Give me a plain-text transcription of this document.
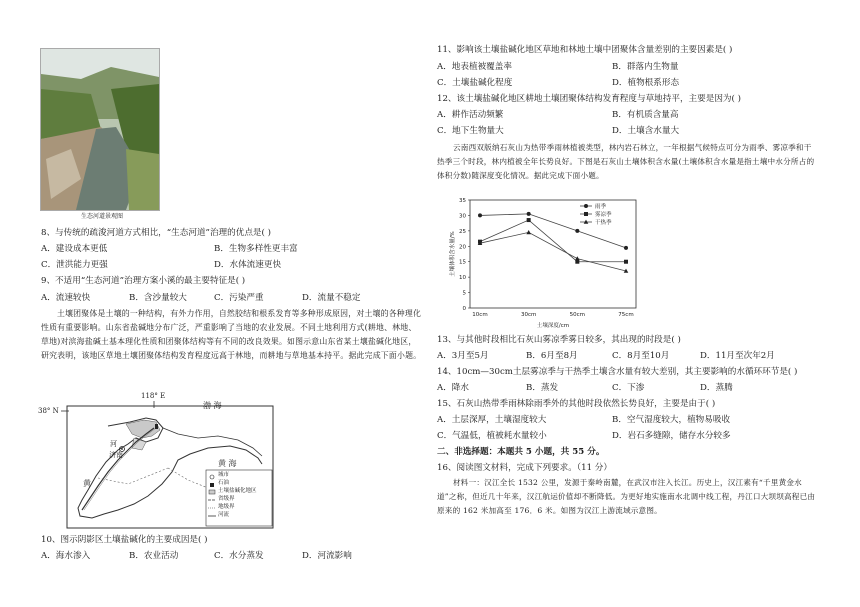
生态河道景观图
8、与传统的疏浚河道方式相比，“生态河道”治理的优点是( )
A．建设成本更低	B．生物多样性更丰富
C．泄洪能力更强	D．水体流速更快
9、不适用“生态河道”治理方案小溪的最主要特征是( )
A．流速较快	B．含沙量较大	C．污染严重	D．流量不稳定
土壤团聚体是土壤的一种结构，有外力作用，自然胶结和根系发育等多种形成原因，对土壤的各种理化性质有重要影响。山东省盐碱地分布广泛，严重影响了当地的农业发展。不同土地利用方式(耕地、林地、草地)对滨海盐碱土基本理化性质和团聚体结构等有不同的改良效果。如图示意山东省某土壤盐碱化地区，研究表明，该地区草地土壤团聚体结构发育程度远高于林地，而耕地与草地基本持平。据此完成下面小题。
118° E
38° N
渤 海
黄 海
河
济南
黄
城市
石油
土壤盐碱化地区
省级界
地级界
河流
10、图示阴影区土壤盐碱化的主要成因是( )
A．海水渗入	B．农业活动	C．水分蒸发	D．河流影响
11、影响该土壤盐碱化地区草地和林地土壤中团聚体含量差别的主要因素是( )
A．地表植被覆盖率	B．群落内生物量
C．土壤盐碱化程度	D．植物根系形态
12、该土壤盐碱化地区耕地土壤团聚体结构发育程度与草地持平，主要是因为( )
A．耕作活动频繁	B．有机质含量高
C．地下生物量大	D．土壤含水量大
云南西双版纳石灰山为热带季雨林植被类型，林内岩石林立，一年根据气候特点可分为雨季、雾凉季和干热季三个时段，林内植被全年长势良好。下图是石灰山土壤体积含水量(土壤体积含水量是指土壤中水分所占的体积分数)随深度变化情况。据此完成下面小题。
0
5
10
15
20
25
30
35
10cm	30cm	50cm	75cm
土壤深度/cm
土壤体积含水量/%
雨季
雾凉季
干热季
13、与其他时段相比石灰山雾凉季雾日较多，其出现的时段是( )
A．3月至5月	B．6月至8月	C．8月至10月	D．11月至次年2月
14、10cm—30cm土层雾凉季与干热季土壤含水量有较大差别，其主要影响的水循环环节是( )
A．降水	B．蒸发	C．下渗	D．蒸腾
15、石灰山热带季雨林除雨季外的其他时段依然长势良好，主要是由于( )
A．土层深厚，土壤湿度较大	B．空气湿度较大，植物易吸收
C．气温低，植被耗水量较小	D．岩石多缝隙，储存水分较多
二、非选择题：本题共 5 小题，共 55 分。
16、阅读图文材料，完成下列要求。（11 分）
材料一：汉江全长 1532 公里，发源于秦岭南麓，在武汉市注入长江。历史上，汉江素有“千里黄金水道”之称，但近几十年来，汉江航运价值却不断降低。为更好地实施南水北调中线工程，丹江口大坝坝高程已由原来的 162 米加高至 176．6 米。如图为汉江上游流域示意图。
